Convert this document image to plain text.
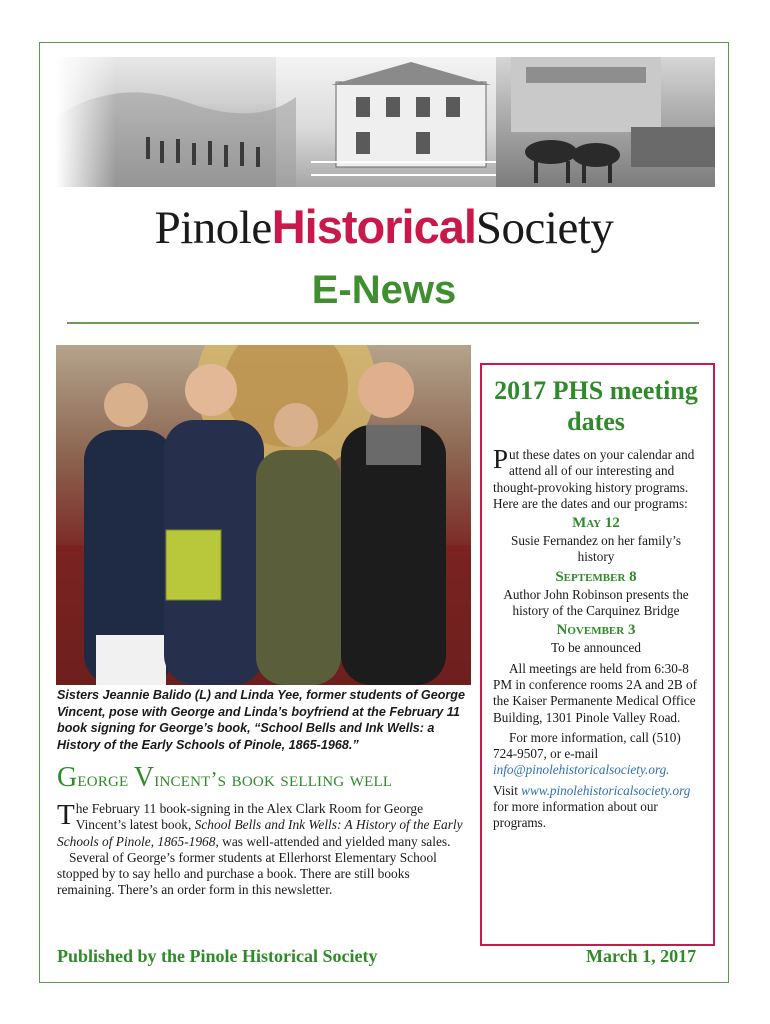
PinoleHistoricalSociety
E-News
Sisters Jeannie Balido (L) and Linda Yee, former students of George Vincent, pose with George and Linda’s boyfriend at the February 11 book signing for George’s book, “School Bells and Ink Wells: a History of the Early Schools of Pinole, 1865-1968.”
George Vincent’s book selling well

The February 11 book-signing in the Alex Clark Room for George Vincent’s latest book, School Bells and Ink Wells: A History of the Early Schools of Pinole, 1865-1968, was well-attended and yielded many sales.

Several of George’s former students at Ellerhorst Elementary School stopped by to say hello and purchase a book. There are still books remaining. There’s an order form in this newsletter.

2017 PHS meeting dates
Put these dates on your calendar and attend all of our interesting and thought-provoking history programs. Here are the dates and our programs:
May 12
Susie Fernandez on her family’s history
September 8
Author John Robinson presents the history of the Carquinez Bridge
November 3
To be announced
All meetings are held from 6:30-8 PM in conference rooms 2A and 2B of the Kaiser Permanente Medical Office Building, 1301 Pinole Valley Road.
For more information, call (510) 724-9507, or e-mail info@pinolehistoricalsociety.org.
Visit www.pinolehistoricalsociety.org for more information about our programs.
Published by the Pinole Historical Society	March 1, 2017
